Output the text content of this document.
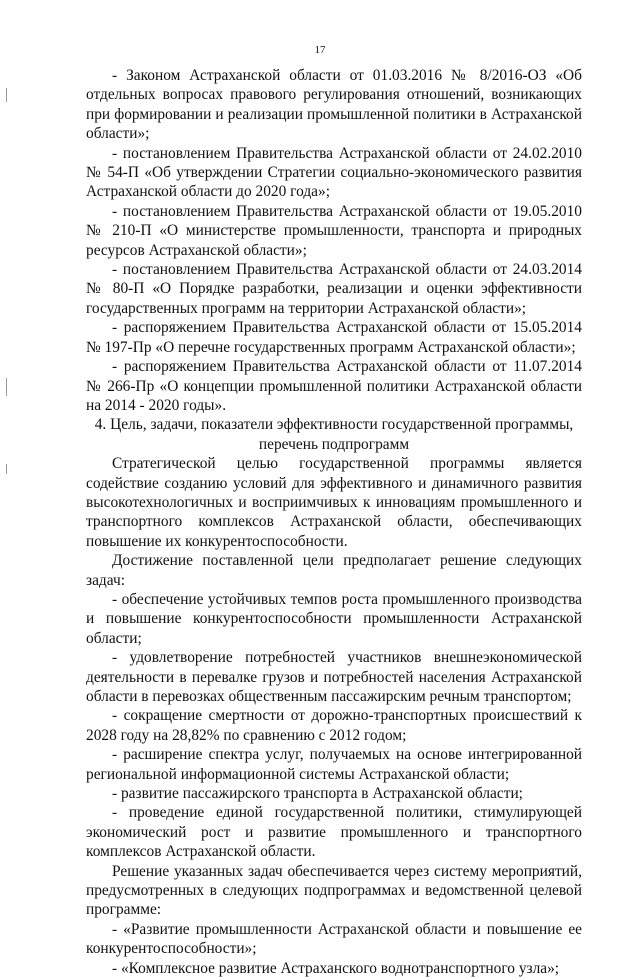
17

- Законом Астраханской области от 01.03.2016 № 8/2016-ОЗ «Об отдельных вопросах правового регулирования отношений, возникающих при формировании и реализации промышленной политики в Астраханской области»;

- постановлением Правительства Астраханской области от 24.02.2010 № 54-П «Об утверждении Стратегии социально-экономического развития Астраханской области до 2020 года»;

- постановлением Правительства Астраханской области от 19.05.2010 № 210-П «О министерстве промышленности, транспорта и природных ресурсов Астраханской области»;

- постановлением Правительства Астраханской области от 24.03.2014 № 80-П «О Порядке разработки, реализации и оценки эффективности государственных программ на территории Астраханской области»;

- распоряжением Правительства Астраханской области от 15.05.2014 № 197-Пр «О перечне государственных программ Астраханской области»;

- распоряжением Правительства Астраханской области от 11.07.2014 № 266-Пр «О концепции промышленной политики Астраханской области на 2014 - 2020 годы».

4. Цель, задачи, показатели эффективности государственной программы,
перечень подпрограмм

Стратегической целью государственной программы является содействие созданию условий для эффективного и динамичного развития высокотехнологичных и восприимчивых к инновациям промышленного и транспортного комплексов Астраханской области, обеспечивающих повышение их конкурентоспособности.

Достижение поставленной цели предполагает решение следующих задач:

- обеспечение устойчивых темпов роста промышленного производства и повышение конкурентоспособности промышленности Астраханской области;

- удовлетворение потребностей участников внешнеэкономической деятельности в перевалке грузов и потребностей населения Астраханской области в перевозках общественным пассажирским речным транспортом;

- сокращение смертности от дорожно-транспортных происшествий к 2028 году на 28,82% по сравнению с 2012 годом;

- расширение спектра услуг, получаемых на основе интегрированной региональной информационной системы Астраханской области;

- развитие пассажирского транспорта в Астраханской области;

- проведение единой государственной политики, стимулирующей экономический рост и развитие промышленного и транспортного комплексов Астраханской области.

Решение указанных задач обеспечивается через систему мероприятий, предусмотренных в следующих подпрограммах и ведомственной целевой программе:

- «Развитие промышленности Астраханской области и повышение ее конкурентоспособности»;

- «Комплексное развитие Астраханского воднотранспортного узла»;
